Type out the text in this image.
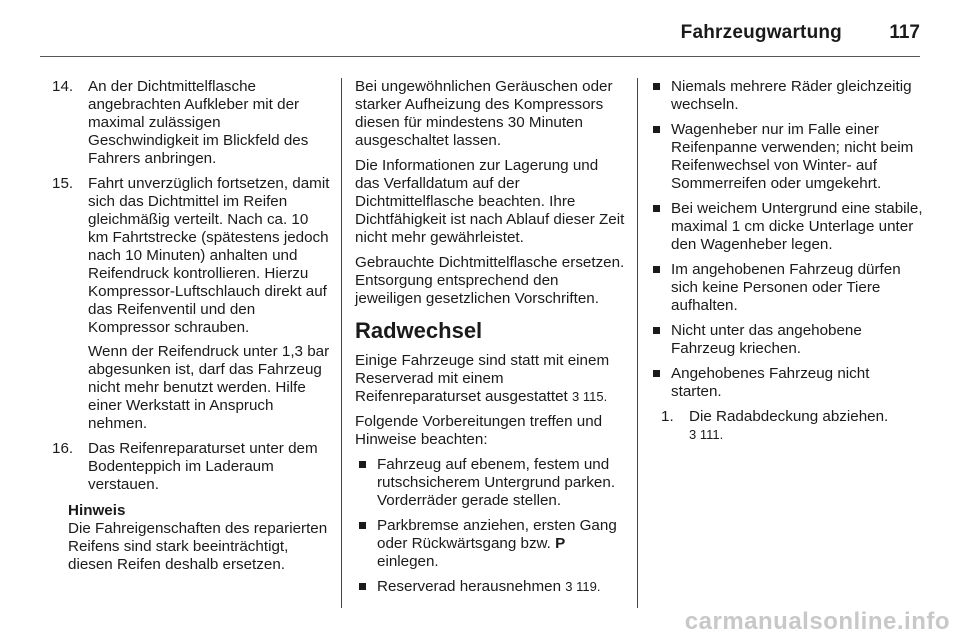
Fahrzeugwartung 117
14. An der Dichtmittelflasche angebrachten Aufkleber mit der maximal zulässigen Geschwindigkeit im Blickfeld des Fahrers anbringen.
15. Fahrt unverzüglich fortsetzen, damit sich das Dichtmittel im Reifen gleichmäßig verteilt. Nach ca. 10 km Fahrtstrecke (spätestens jedoch nach 10 Minuten) anhalten und Reifendruck kontrollieren. Hierzu Kompressor-Luftschlauch direkt auf das Reifenventil und den Kompressor schrauben.
Wenn der Reifendruck unter 1,3 bar abgesunken ist, darf das Fahrzeug nicht mehr benutzt werden. Hilfe einer Werkstatt in Anspruch nehmen.
16. Das Reifenreparaturset unter dem Bodenteppich im Laderaum verstauen.
Hinweis
Die Fahreigenschaften des reparierten Reifens sind stark beeinträchtigt, diesen Reifen deshalb ersetzen.

Bei ungewöhnlichen Geräuschen oder starker Aufheizung des Kompressors diesen für mindestens 30 Minuten ausgeschaltet lassen.

Die Informationen zur Lagerung und das Verfalldatum auf der Dichtmittelflasche beachten. Ihre Dichtfähigkeit ist nach Ablauf dieser Zeit nicht mehr gewährleistet.

Gebrauchte Dichtmittelflasche ersetzen. Entsorgung entsprechend den jeweiligen gesetzlichen Vorschriften.

Radwechsel

Einige Fahrzeuge sind statt mit einem Reserverad mit einem Reifenreparaturset ausgestattet 3 115.

Folgende Vorbereitungen treffen und Hinweise beachten:

Fahrzeug auf ebenem, festem und rutschsicherem Untergrund parken. Vorderräder gerade stellen.
Parkbremse anziehen, ersten Gang oder Rückwärtsgang bzw. P einlegen.
Reserverad herausnehmen 3 119.
Niemals mehrere Räder gleichzeitig wechseln.
Wagenheber nur im Falle einer Reifenpanne verwenden; nicht beim Reifenwechsel von Winter- auf Sommerreifen oder umgekehrt.
Bei weichem Untergrund eine stabile, maximal 1 cm dicke Unterlage unter den Wagenheber legen.
Im angehobenen Fahrzeug dürfen sich keine Personen oder Tiere aufhalten.
Nicht unter das angehobene Fahrzeug kriechen.
Angehobenes Fahrzeug nicht starten.
1. Die Radabdeckung abziehen.
3 111.
carmanualsonline.info
